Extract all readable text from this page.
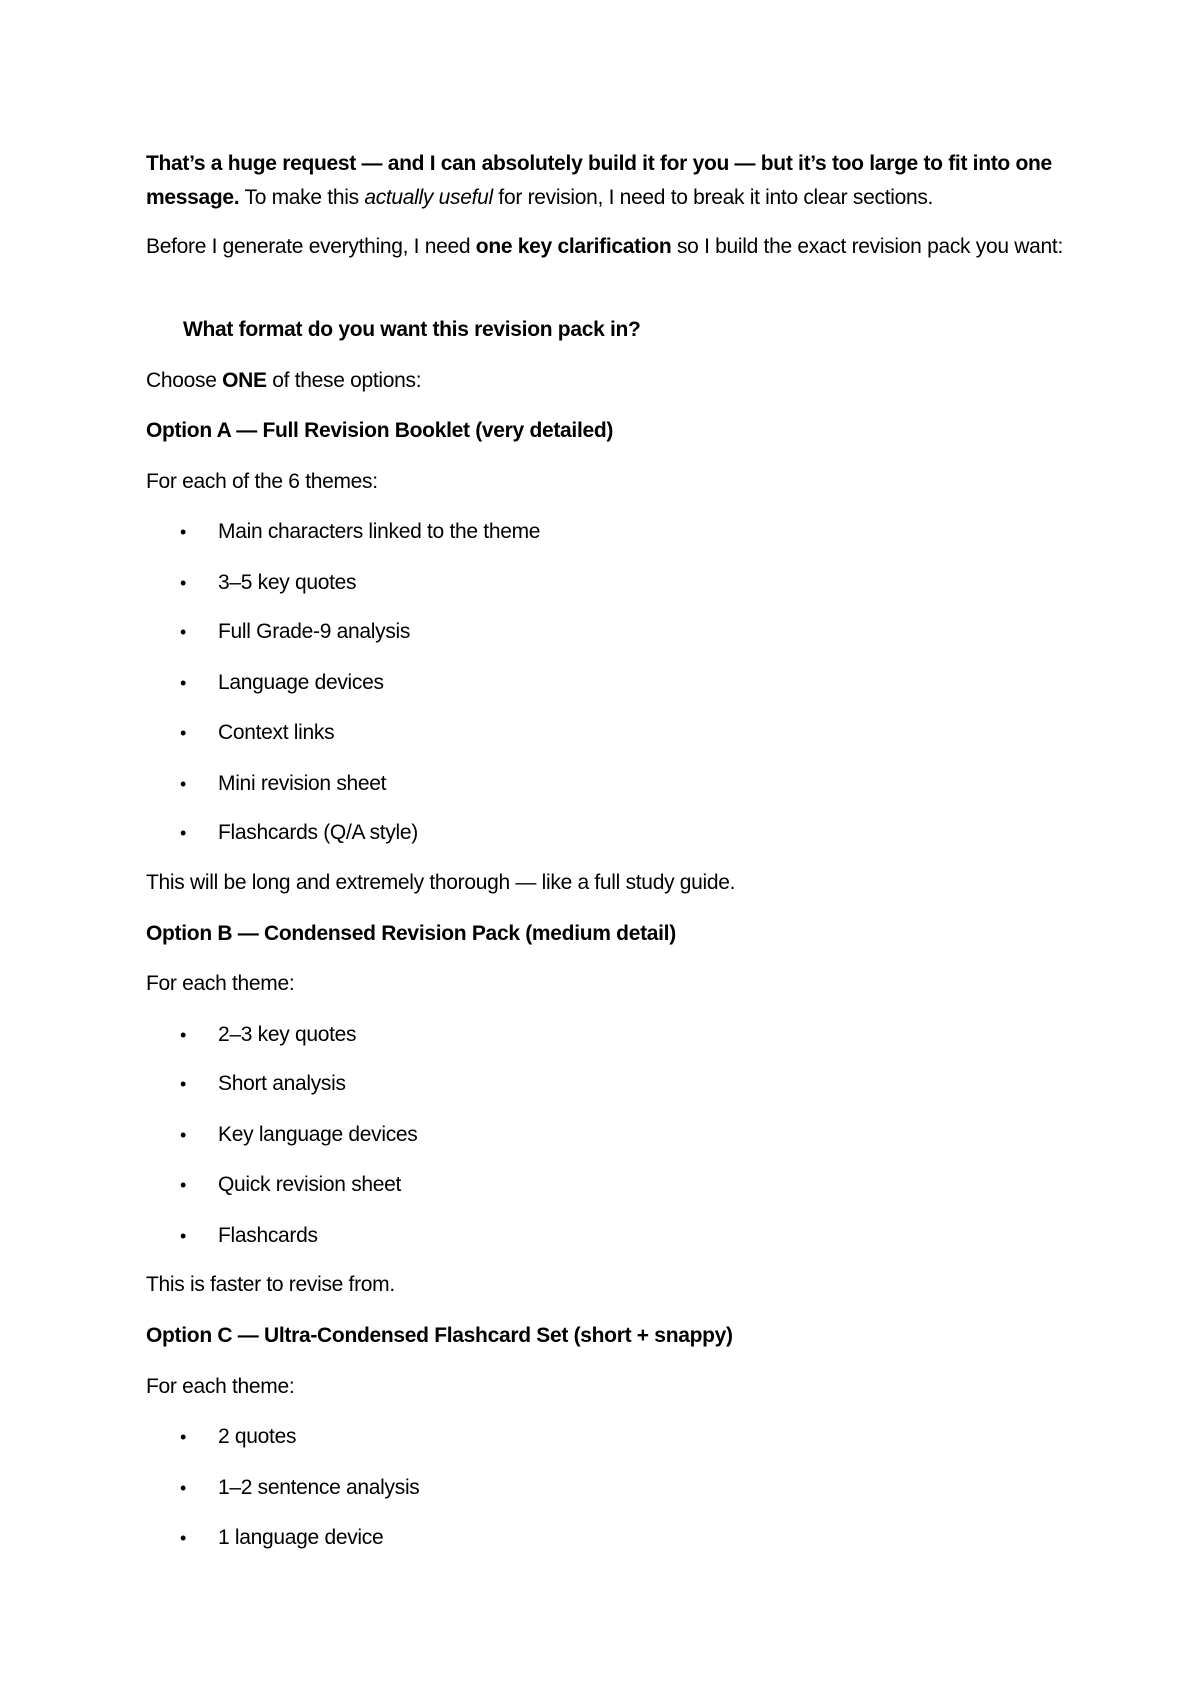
That’s a huge request — and I can absolutely build it for you — but it’s too large to fit into one message. To make this actually useful for revision, I need to break it into clear sections.

Before I generate everything, I need one key clarification so I build the exact revision pack you want:

What format do you want this revision pack in?

Choose ONE of these options:

Option A — Full Revision Booklet (very detailed)

For each of the 6 themes:

• Main characters linked to the theme
• 3–5 key quotes
• Full Grade-9 analysis
• Language devices
• Context links
• Mini revision sheet
• Flashcards (Q/A style)

This will be long and extremely thorough — like a full study guide.

Option B — Condensed Revision Pack (medium detail)

For each theme:

• 2–3 key quotes
• Short analysis
• Key language devices
• Quick revision sheet
• Flashcards

This is faster to revise from.

Option C — Ultra-Condensed Flashcard Set (short + snappy)

For each theme:

• 2 quotes
• 1–2 sentence analysis
• 1 language device
